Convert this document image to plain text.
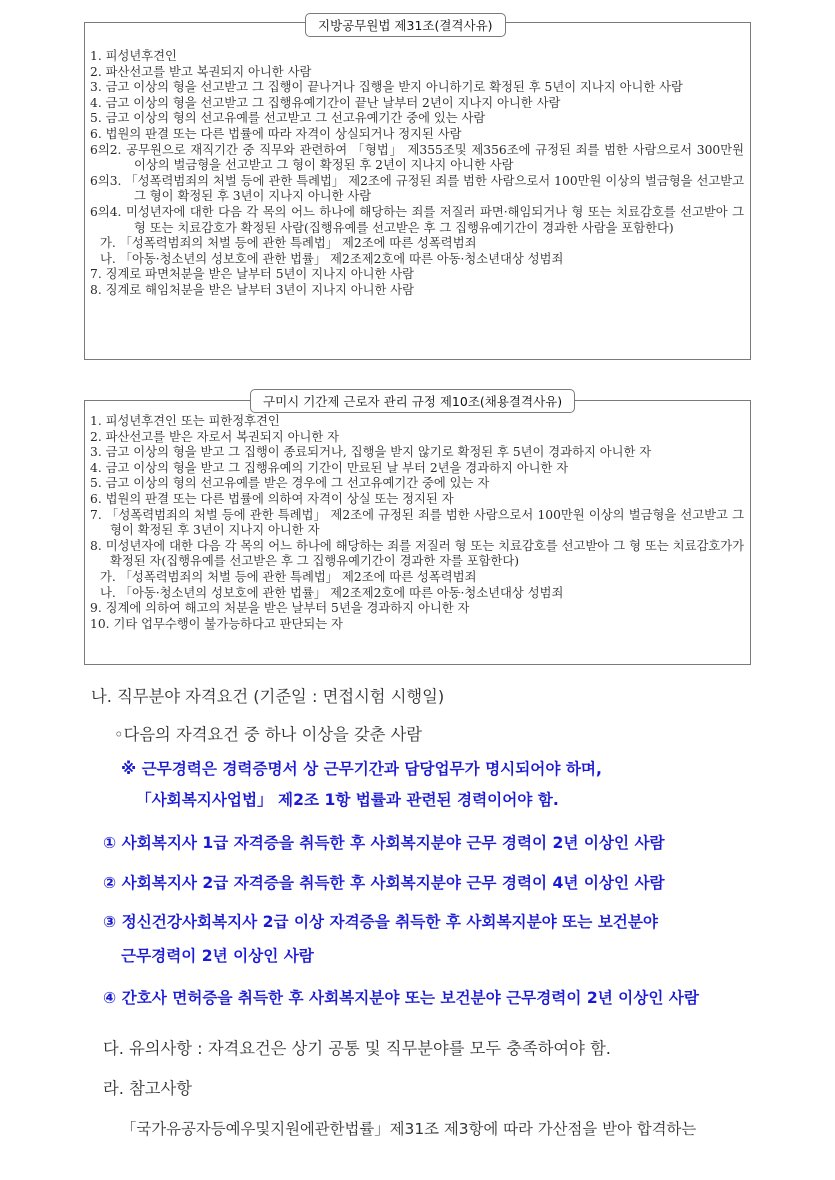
지방공무원법 제31조(결격사유)
1. 피성년후견인
2. 파산선고를 받고 복권되지 아니한 사람
3. 금고 이상의 형을 선고받고 그 집행이 끝나거나 집행을 받지 아니하기로 확정된 후 5년이 지나지 아니한 사람
4. 금고 이상의 형을 선고받고 그 집행유예기간이 끝난 날부터 2년이 지나지 아니한 사람
5. 금고 이상의 형의 선고유예를 선고받고 그 선고유예기간 중에 있는 사람
6. 법원의 판결 또는 다른 법률에 따라 자격이 상실되거나 정지된 사람
6의2. 공무원으로 재직기간 중 직무와 관련하여 「형법」 제355조및 제356조에 규정된 죄를 범한 사람으로서 300만원 이상의 벌금형을 선고받고 그 형이 확정된 후 2년이 지나지 아니한 사람
6의3. 「성폭력범죄의 처벌 등에 관한 특례법」 제2조에 규정된 죄를 범한 사람으로서 100만원 이상의 벌금형을 선고받고 그 형이 확정된 후 3년이 지나지 아니한 사람
6의4. 미성년자에 대한 다음 각 목의 어느 하나에 해당하는 죄를 저질러 파면·해임되거나 형 또는 치료감호를 선고받아 그 형 또는 치료감호가 확정된 사람(집행유예를 선고받은 후 그 집행유예기간이 경과한 사람을 포함한다)
가. 「성폭력범죄의 처벌 등에 관한 특례법」 제2조에 따른 성폭력범죄
나. 「아동·청소년의 성보호에 관한 법률」 제2조제2호에 따른 아동·청소년대상 성범죄
7. 징계로 파면처분을 받은 날부터 5년이 지나지 아니한 사람
8. 징계로 해임처분을 받은 날부터 3년이 지나지 아니한 사람
구미시 기간제 근로자 관리 규정 제10조(채용결격사유)
1. 피성년후견인 또는 피한정후견인
2. 파산선고를 받은 자로서 복권되지 아니한 자
3. 금고 이상의 형을 받고 그 집행이 종료되거나, 집행을 받지 않기로 확정된 후 5년이 경과하지 아니한 자
4. 금고 이상의 형을 받고 그 집행유예의 기간이 만료된 날 부터 2년을 경과하지 아니한 자
5. 금고 이상의 형의 선고유예를 받은 경우에 그 선고유예기간 중에 있는 자
6. 법원의 판결 또는 다른 법률에 의하여 자격이 상실 또는 정지된 자
7. 「성폭력범죄의 처벌 등에 관한 특례법」 제2조에 규정된 죄를 범한 사람으로서 100만원 이상의 벌금형을 선고받고 그 형이 확정된 후 3년이 지나지 아니한 자
8. 미성년자에 대한 다음 각 목의 어느 하나에 해당하는 죄를 저질러 형 또는 치료감호를 선고받아 그 형 또는 치료감호가가 확정된 자(집행유예를 선고받은 후 그 집행유예기간이 경과한 자를 포함한다)
가. 「성폭력범죄의 처벌 등에 관한 특례법」 제2조에 따른 성폭력범죄
나. 「아동·청소년의 성보호에 관한 법률」 제2조제2호에 따른 아동·청소년대상 성범죄
9. 징계에 의하여 해고의 처분을 받은 날부터 5년을 경과하지 아니한 자
10. 기타 업무수행이 불가능하다고 판단되는 자
나. 직무분야 자격요건 (기준일 : 면접시험 시행일)
◦다음의 자격요건 중 하나 이상을 갖춘 사람
※ 근무경력은 경력증명서 상 근무기간과 담당업무가 명시되어야 하며,
「사회복지사업법」 제2조 1항 법률과 관련된 경력이어야 함.
① 사회복지사 1급 자격증을 취득한 후 사회복지분야 근무 경력이 2년 이상인 사람
② 사회복지사 2급 자격증을 취득한 후 사회복지분야 근무 경력이 4년 이상인 사람
③ 정신건강사회복지사 2급 이상 자격증을 취득한 후 사회복지분야 또는 보건분야
근무경력이 2년 이상인 사람
④ 간호사 면허증을 취득한 후 사회복지분야 또는 보건분야 근무경력이 2년 이상인 사람
다. 유의사항 : 자격요건은 상기 공통 및 직무분야를 모두 충족하여야 함.
라. 참고사항
「국가유공자등예우및지원에관한법률」제31조 제3항에 따라 가산점을 받아 합격하는
